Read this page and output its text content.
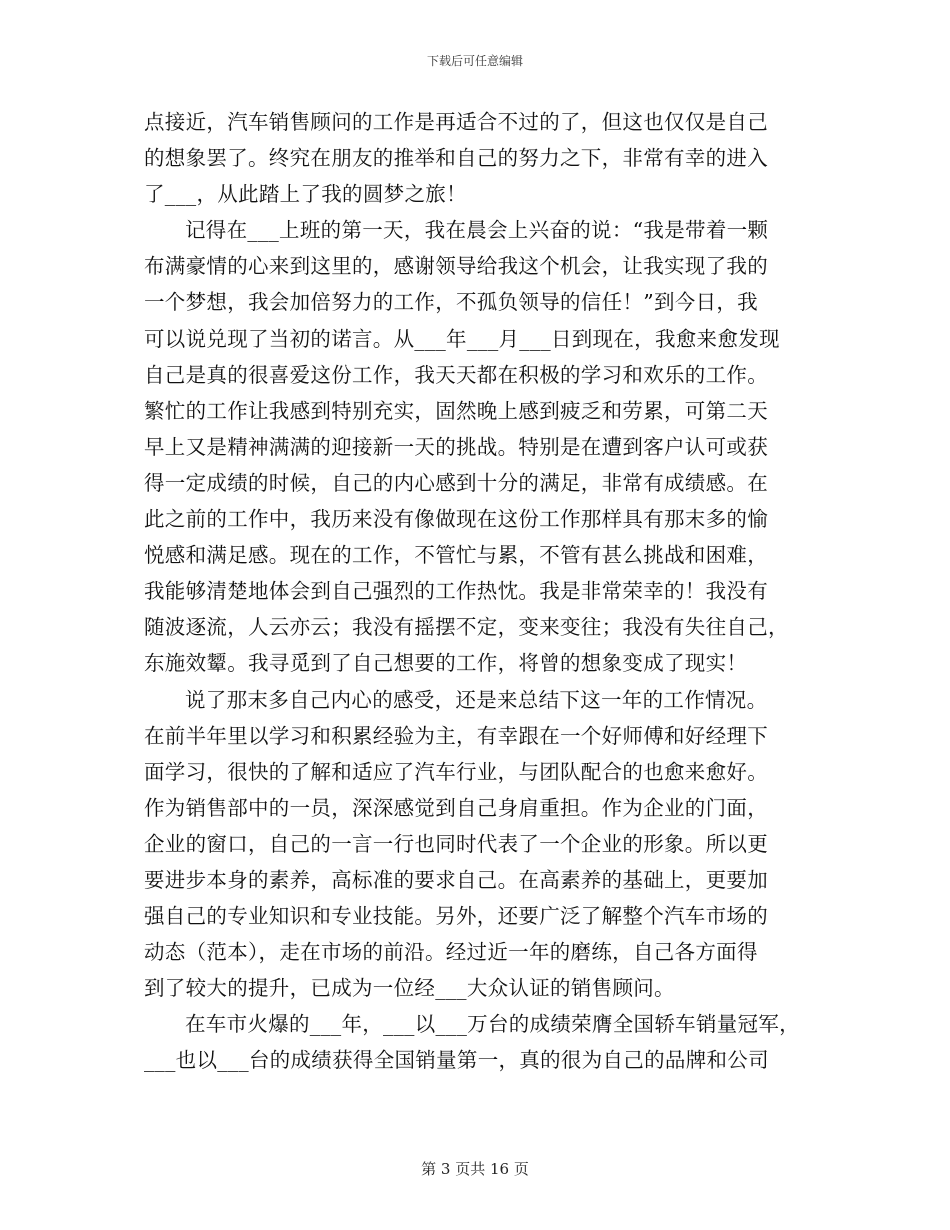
下载后可任意编辑
点接近，汽车销售顾问的工作是再适合不过的了，但这也仅仅是自己
的想象罢了。终究在朋友的推举和自己的努力之下，非常有幸的进入
了___，从此踏上了我的圆梦之旅！
记得在___上班的第一天，我在晨会上兴奋的说：“我是带着一颗
布满豪情的心来到这里的，感谢领导给我这个机会，让我实现了我的
一个梦想，我会加倍努力的工作，不孤负领导的信任！”到今日，我
可以说兑现了当初的诺言。从___年___月___日到现在，我愈来愈发现
自己是真的很喜爱这份工作，我天天都在积极的学习和欢乐的工作。
繁忙的工作让我感到特别充实，固然晚上感到疲乏和劳累，可第二天
早上又是精神满满的迎接新一天的挑战。特别是在遭到客户认可或获
得一定成绩的时候，自己的内心感到十分的满足，非常有成绩感。在
此之前的工作中，我历来没有像做现在这份工作那样具有那末多的愉
悦感和满足感。现在的工作，不管忙与累，不管有甚么挑战和困难，
我能够清楚地体会到自己强烈的工作热忱。我是非常荣幸的！我没有
随波逐流，人云亦云；我没有摇摆不定，变来变往；我没有失往自己，
东施效颦。我寻觅到了自己想要的工作，将曾的想象变成了现实！
说了那末多自己内心的感受，还是来总结下这一年的工作情况。
在前半年里以学习和积累经验为主，有幸跟在一个好师傅和好经理下
面学习，很快的了解和适应了汽车行业，与团队配合的也愈来愈好。
作为销售部中的一员，深深感觉到自己身肩重担。作为企业的门面，
企业的窗口，自己的一言一行也同时代表了一个企业的形象。所以更
要进步本身的素养，高标准的要求自己。在高素养的基础上，更要加
强自己的专业知识和专业技能。另外，还要广泛了解整个汽车市场的
动态（范本），走在市场的前沿。经过近一年的磨练，自己各方面得
到了较大的提升，已成为一位经___大众认证的销售顾问。
在车市火爆的___年，___以___万台的成绩荣膺全国轿车销量冠军，
___也以___台的成绩获得全国销量第一，真的很为自己的品牌和公司
第 3 页共 16 页
